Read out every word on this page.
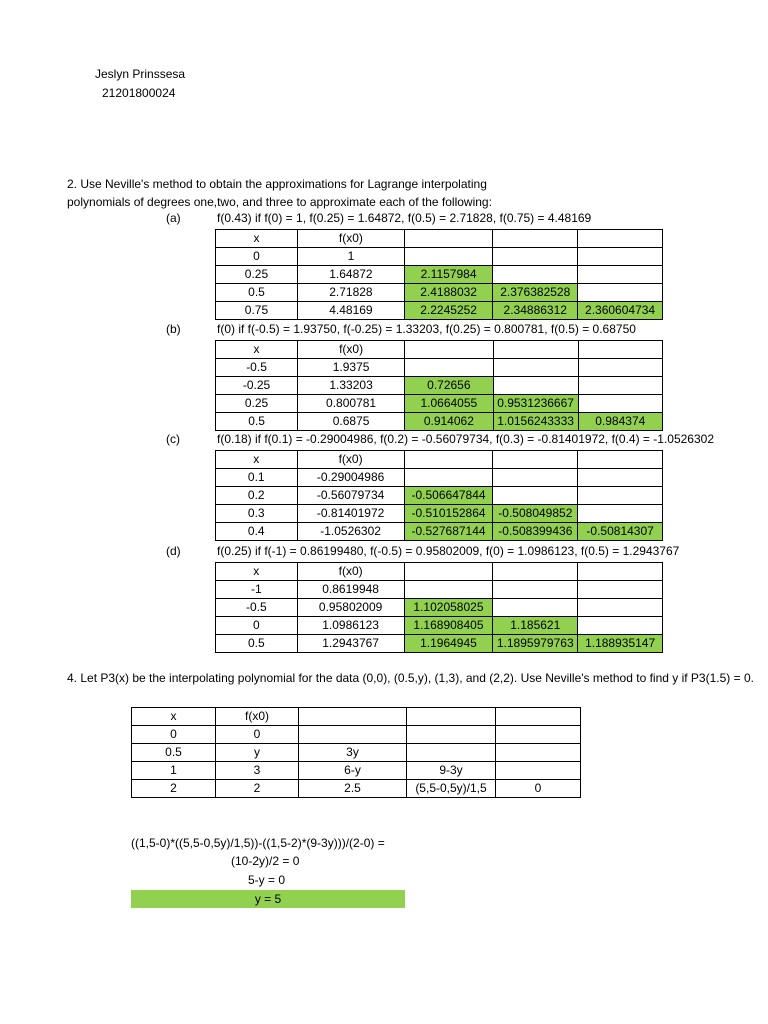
Jeslyn Prinssesa
21201800024
2. Use Neville's method to obtain the approximations for Lagrange interpolating
polynomials of degrees one,two, and three to approximate each of the following:
(a)	f(0.43) if f(0) = 1, f(0.25) = 1.64872, f(0.5) = 2.71828, f(0.75) = 4.48169
x	f(x0)			
0	1			
0.25	1.64872	2.1157984		
0.5	2.71828	2.4188032	2.376382528	
0.75	4.48169	2.2245252	2.34886312	2.360604734
(b)	f(0) if f(-0.5) = 1.93750, f(-0.25) = 1.33203, f(0.25) = 0.800781, f(0.5) = 0.68750
x	f(x0)			
-0.5	1.9375			
-0.25	1.33203	0.72656		
0.25	0.800781	1.0664055	0.9531236667	
0.5	0.6875	0.914062	1.0156243333	0.984374
(c)	f(0.18) if f(0.1) = -0.29004986, f(0.2) = -0.56079734, f(0.3) = -0.81401972, f(0.4) = -1.0526302
x	f(x0)			
0.1	-0.29004986			
0.2	-0.56079734	-0.506647844		
0.3	-0.81401972	-0.510152864	-0.508049852	
0.4	-1.0526302	-0.527687144	-0.508399436	-0.50814307
(d)	f(0.25) if f(-1) = 0.86199480, f(-0.5) = 0.95802009, f(0) = 1.0986123, f(0.5) = 1.2943767
x	f(x0)			
-1	0.8619948			
-0.5	0.95802009	1.102058025		
0	1.0986123	1.168908405	1.185621	
0.5	1.2943767	1.1964945	1.1895979763	1.188935147
4. Let P3(x) be the interpolating polynomial for the data (0,0), (0.5,y), (1,3), and (2,2). Use Neville's method to find y if P3(1.5) = 0.
x	f(x0)			
0	0			
0.5	y	3y		
1	3	6-y	9-3y	
2	2	2.5	(5,5-0,5y)/1,5	0
((1,5-0)*((5,5-0,5y)/1,5))-((1,5-2)*(9-3y)))/(2-0) =
(10-2y)/2 = 0
5-y = 0
y = 5
